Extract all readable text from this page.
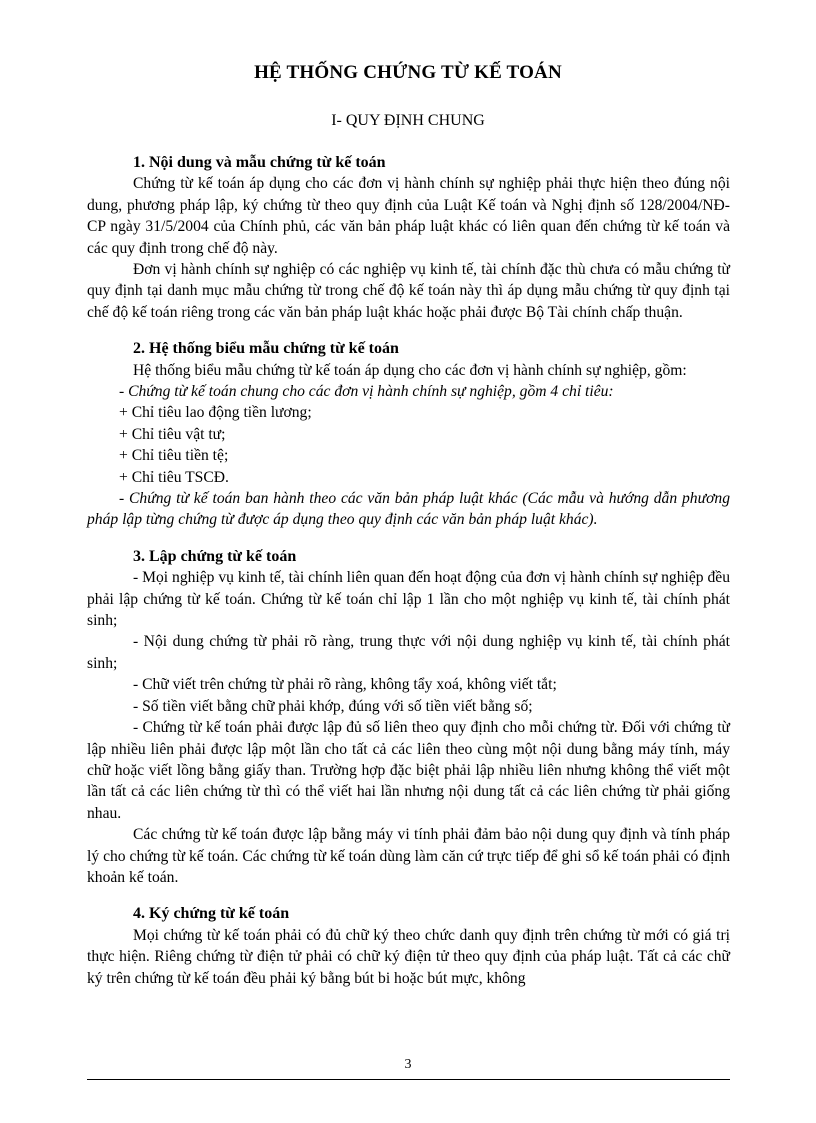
HỆ THỐNG CHỨNG TỪ KẾ TOÁN
I- QUY ĐỊNH CHUNG
1. Nội dung và mẫu chứng từ kế toán

Chứng từ kế toán áp dụng cho các đơn vị hành chính sự nghiệp phải thực hiện theo đúng nội dung, phương pháp lập, ký chứng từ theo quy định của Luật Kế toán và Nghị định số 128/2004/NĐ-CP ngày 31/5/2004 của Chính phủ, các văn bản pháp luật khác có liên quan đến chứng từ kế toán và các quy định trong chế độ này.

Đơn vị hành chính sự nghiệp có các nghiệp vụ kinh tế, tài chính đặc thù chưa có mẫu chứng từ quy định tại danh mục mẫu chứng từ trong chế độ kế toán này thì áp dụng mẫu chứng từ quy định tại chế độ kế toán riêng trong các văn bản pháp luật khác hoặc phải được Bộ Tài chính chấp thuận.

2. Hệ thống biểu mẫu chứng từ kế toán

Hệ thống biểu mẫu chứng từ kế toán áp dụng cho các đơn vị hành chính sự nghiệp, gồm:

- Chứng từ kế toán chung cho các đơn vị hành chính sự nghiệp, gồm 4 chỉ tiêu:

+ Chỉ tiêu lao động tiền lương;

+ Chỉ tiêu vật tư;

+ Chỉ tiêu tiền tệ;

+ Chỉ tiêu TSCĐ.

- Chứng từ kế toán ban hành theo các văn bản pháp luật khác (Các mẫu và hướng dẫn phương pháp lập từng chứng từ được áp dụng theo quy định các văn bản pháp luật khác).

3. Lập chứng từ kế toán

- Mọi nghiệp vụ kinh tế, tài chính liên quan đến hoạt động của đơn vị hành chính sự nghiệp đều phải lập chứng từ kế toán. Chứng từ kế toán chỉ lập 1 lần cho một nghiệp vụ kinh tế, tài chính phát sinh;

- Nội dung chứng từ phải rõ ràng, trung thực với nội dung nghiệp vụ kinh tế, tài chính phát sinh;

- Chữ viết trên chứng từ phải rõ ràng, không tẩy xoá, không viết tắt;

- Số tiền viết bằng chữ phải khớp, đúng với số tiền viết bằng số;

- Chứng từ kế toán phải được lập đủ số liên theo quy định cho mỗi chứng từ. Đối với chứng từ lập nhiều liên phải được lập một lần cho tất cả các liên theo cùng một nội dung bằng máy tính, máy chữ hoặc viết lồng bằng giấy than. Trường hợp đặc biệt phải lập nhiều liên nhưng không thể viết một lần tất cả các liên chứng từ thì có thể viết hai lần nhưng nội dung tất cả các liên chứng từ phải giống nhau.

Các chứng từ kế toán được lập bằng máy vi tính phải đảm bảo nội dung quy định và tính pháp lý cho chứng từ kế toán. Các chứng từ kế toán dùng làm căn cứ trực tiếp để ghi sổ kế toán phải có định khoản kế toán.

4. Ký chứng từ kế toán

Mọi chứng từ kế toán phải có đủ chữ ký theo chức danh quy định trên chứng từ mới có giá trị thực hiện. Riêng chứng từ điện tử phải có chữ ký điện tử theo quy định của pháp luật. Tất cả các chữ ký trên chứng từ kế toán đều phải ký bằng bút bi hoặc bút mực, không

3
